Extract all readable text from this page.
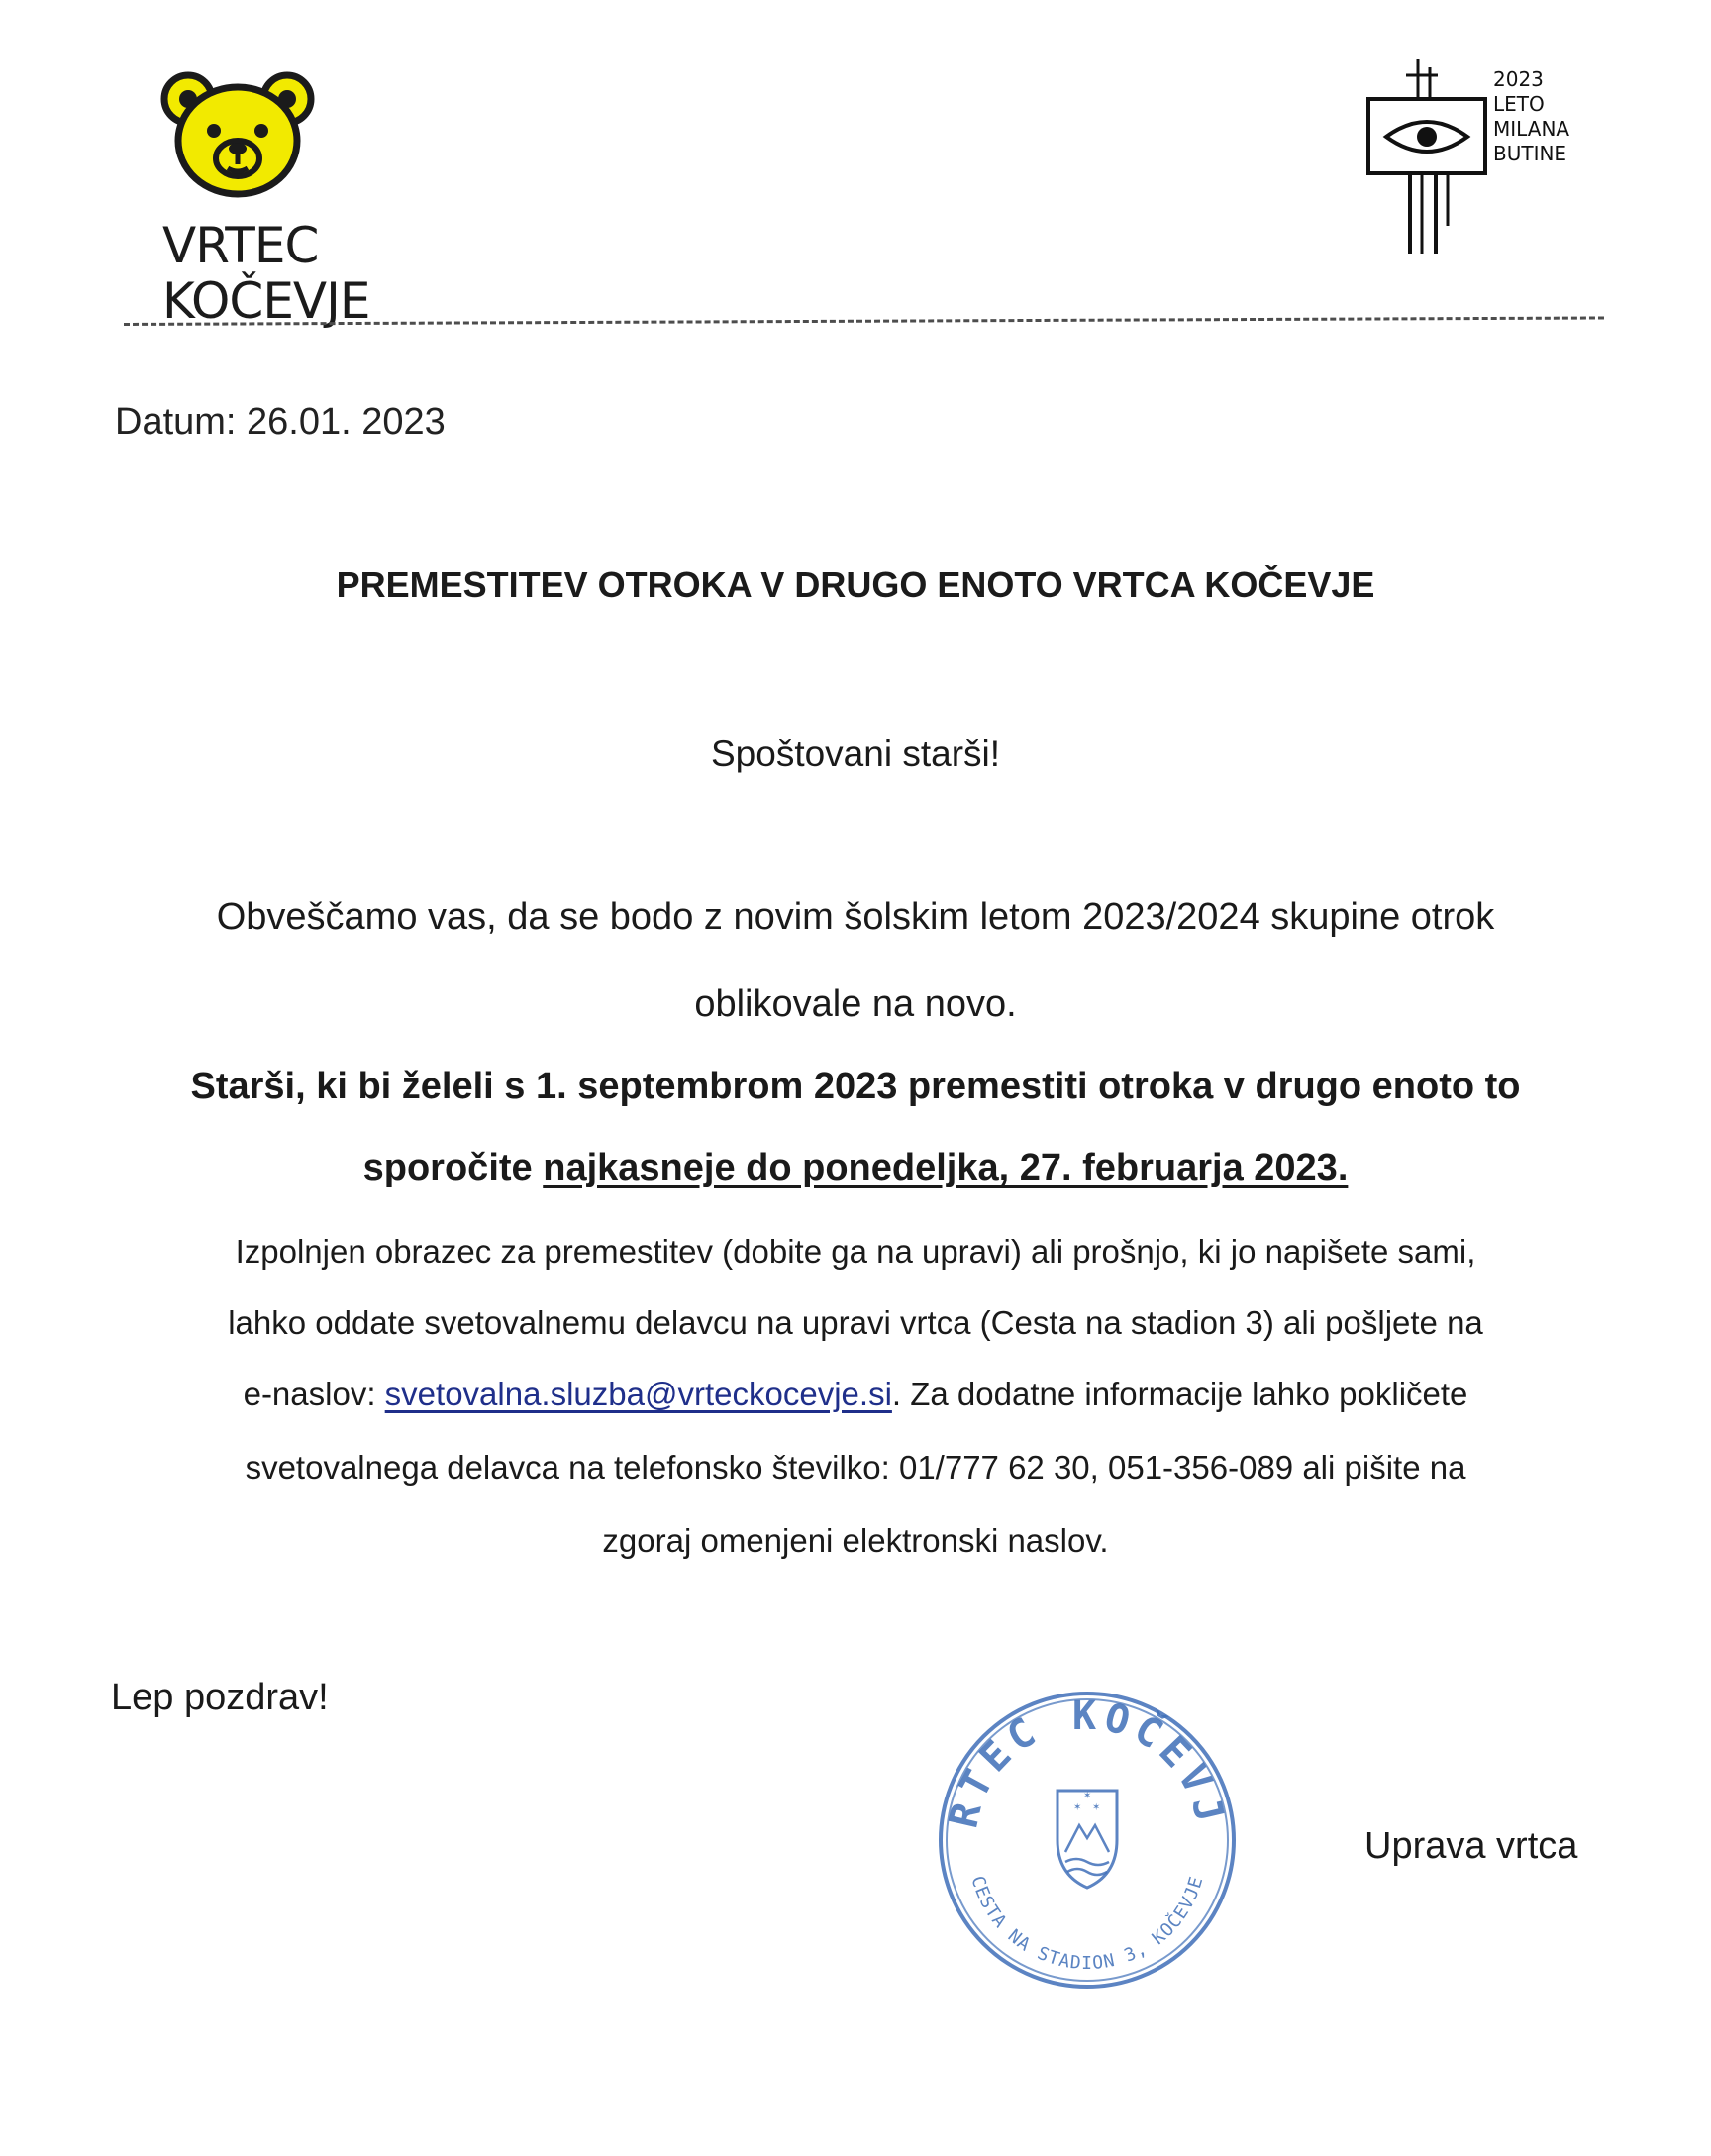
VRTEC
KOČEVJE
2023
LETO
MILANA
BUTINE
Datum: 26.01. 2023
PREMESTITEV OTROKA V DRUGO ENOTO VRTCA KOČEVJE
Spoštovani starši!
Obveščamo vas, da se bodo z novim šolskim letom 2023/2024 skupine otrok
oblikovale na novo.
Starši, ki bi želeli s 1. septembrom 2023 premestiti otroka v drugo enoto to
sporočite najkasneje do ponedeljka, 27. februarja 2023.
Izpolnjen obrazec za premestitev (dobite ga na upravi) ali prošnjo, ki jo napišete sami,
lahko oddate svetovalnemu delavcu na upravi vrtca (Cesta na stadion 3) ali pošljete na
e-naslov: svetovalna.sluzba@vrteckocevje.si. Za dodatne informacije lahko pokličete
svetovalnega delavca na telefonsko številko: 01/777 62 30, 051-356-089 ali pišite na
zgoraj omenjeni elektronski naslov.
Lep pozdrav!
RTEC KOČEVJ
CESTA NA STADION 3, KOČEVJE
✶ ✶
✶
Uprava vrtca
